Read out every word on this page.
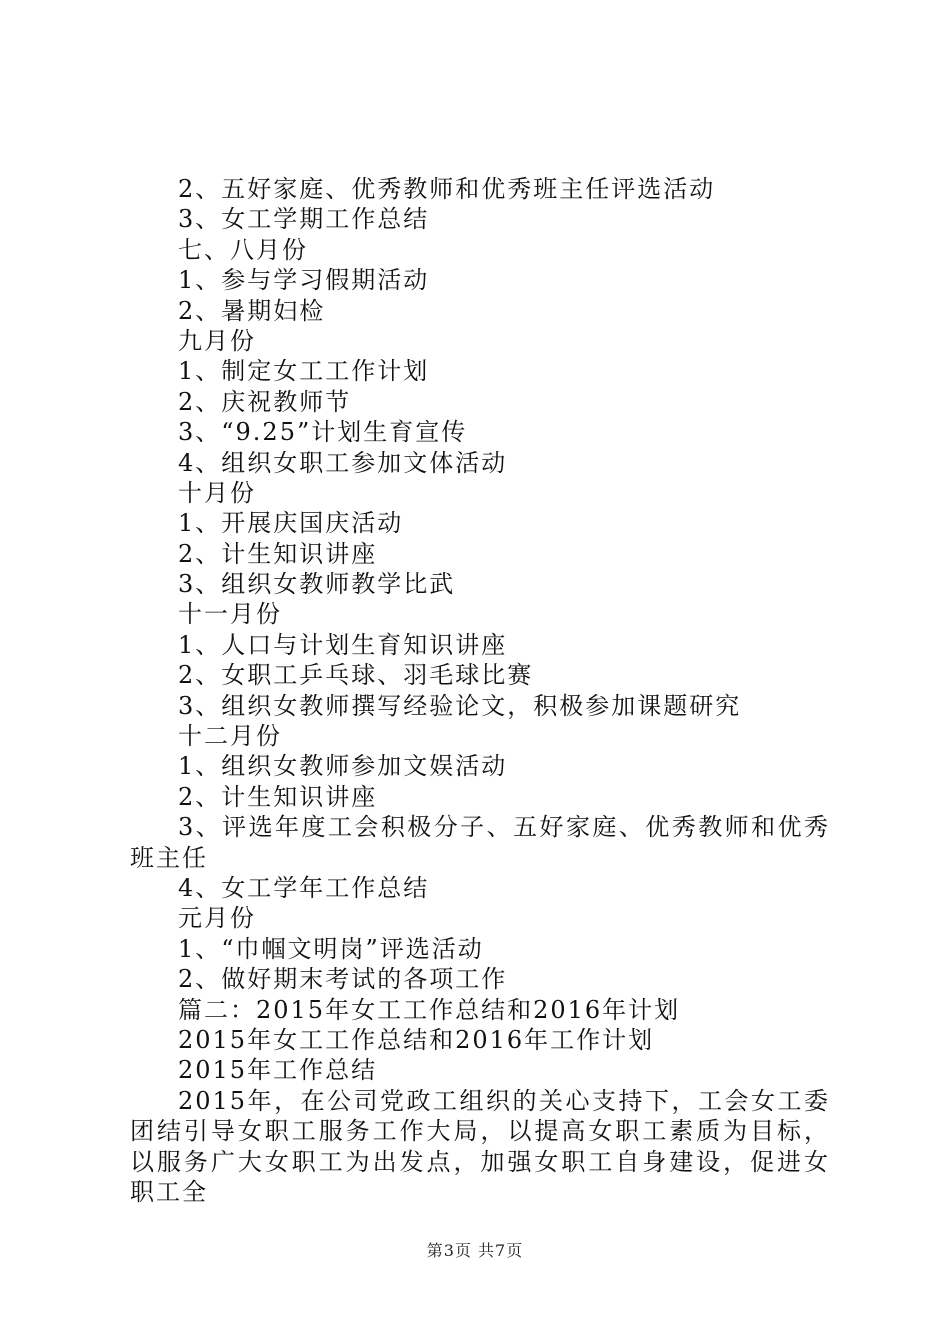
2、五好家庭、优秀教师和优秀班主任评选活动
3、女工学期工作总结
七、八月份
1、参与学习假期活动
2、暑期妇检
九月份
1、制定女工工作计划
2、庆祝教师节
3、“9.25”计划生育宣传
4、组织女职工参加文体活动
十月份
1、开展庆国庆活动
2、计生知识讲座
3、组织女教师教学比武
十一月份
1、人口与计划生育知识讲座
2、女职工乒乓球、羽毛球比赛
3、组织女教师撰写经验论文，积极参加课题研究
十二月份
1、组织女教师参加文娱活动
2、计生知识讲座
3、评选年度工会积极分子、五好家庭、优秀教师和优秀班主任
4、女工学年工作总结
元月份
1、“巾帼文明岗”评选活动
2、做好期末考试的各项工作
篇二：2015年女工工作总结和2016年计划
2015年女工工作总结和2016年工作计划
2015年工作总结
2015年，在公司党政工组织的关心支持下，工会女工委团结引导女职工服务工作大局，以提高女职工素质为目标，以服务广大女职工为出发点，加强女职工自身建设，促进女职工全
第3页 共7页
